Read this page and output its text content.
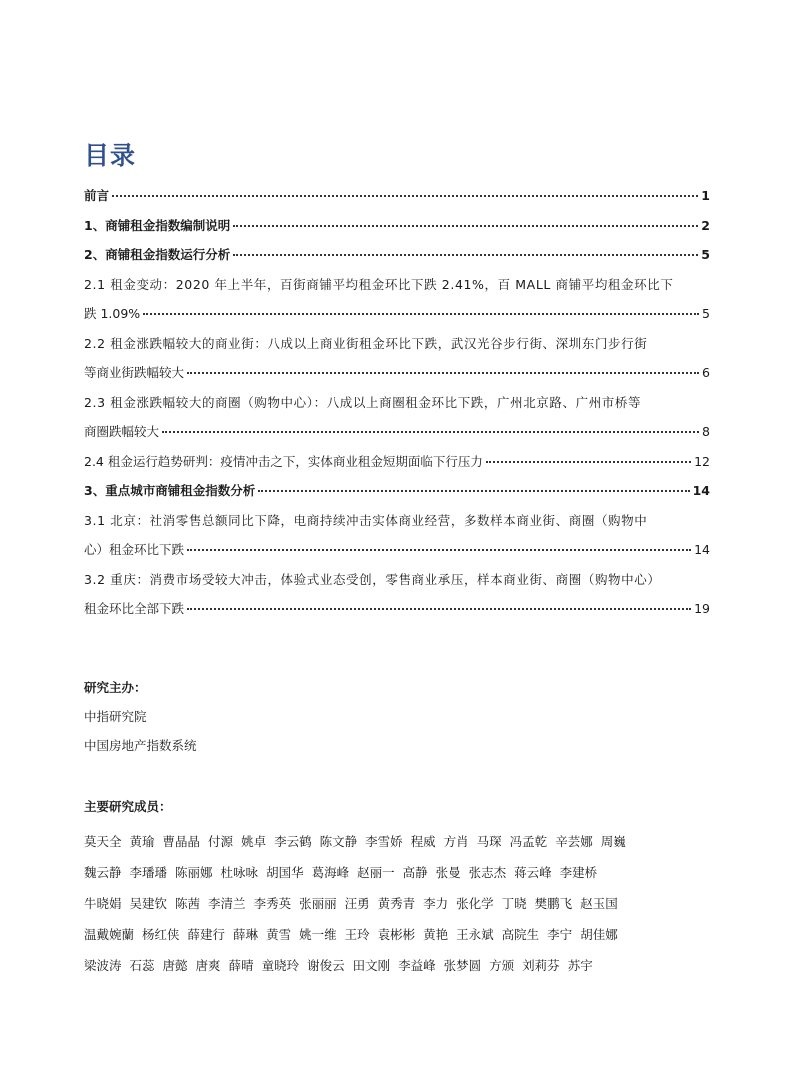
目录
前言	1
1、商铺租金指数编制说明	2
2、商铺租金指数运行分析	5
2.1 租金变动：2020 年上半年，百街商铺平均租金环比下跌 2.41%，百 MALL 商铺平均租金环比下
跌 1.09%	5
2.2 租金涨跌幅较大的商业街：八成以上商业街租金环比下跌，武汉光谷步行街、深圳东门步行街
等商业街跌幅较大	6
2.3 租金涨跌幅较大的商圈（购物中心）：八成以上商圈租金环比下跌，广州北京路、广州市桥等
商圈跌幅较大	8
2.4 租金运行趋势研判：疫情冲击之下，实体商业租金短期面临下行压力	12
3、重点城市商铺租金指数分析	14
3.1 北京：社消零售总额同比下降，电商持续冲击实体商业经营，多数样本商业街、商圈（购物中
心）租金环比下跌	14
3.2 重庆：消费市场受较大冲击，体验式业态受创，零售商业承压，样本商业街、商圈（购物中心）
租金环比全部下跌	19
研究主办：
中指研究院
中国房地产指数系统
主要研究成员：
莫天全 黄瑜 曹晶晶 付源 姚卓 李云鹤 陈文静 李雪娇 程威 方肖 马琛 冯孟乾 辛芸娜 周巍
魏云静 李璠璠 陈丽娜 杜咏咏 胡国华 葛海峰 赵丽一 高静 张曼 张志杰 蒋云峰 李建桥
牛晓娟 吴建钦 陈茜 李清兰 李秀英 张丽丽 汪勇 黄秀青 李力 张化学 丁晓 樊鹏飞 赵玉国
温戴婉蘭 杨红侠 薛建行 薛琳 黄雪 姚一维 王玲 袁彬彬 黄艳 王永斌 高院生 李宁 胡佳娜
梁波涛 石蕊 唐懿 唐爽 薛晴 童晓玲 谢俊云 田文刚 李益峰 张梦圆 方颁 刘莉芬 苏宇
